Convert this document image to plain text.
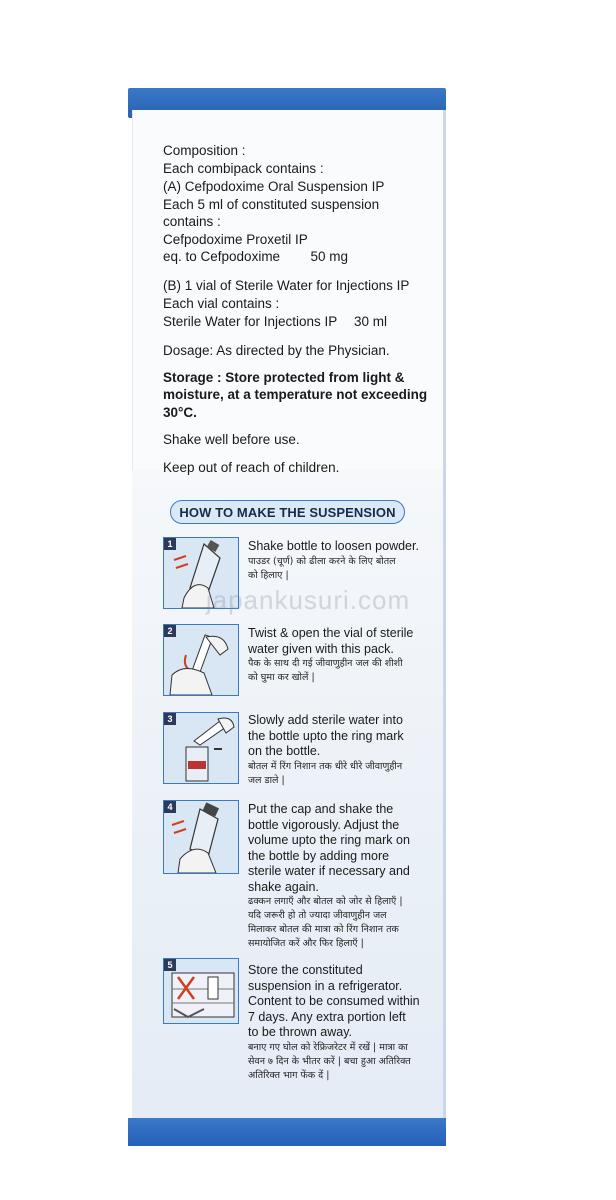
Composition :
Each combipack contains :
(A) Cefpodoxime Oral Suspension IP
Each 5 ml of constituted suspension
contains :
Cefpodoxime Proxetil IP
eq. to Cefpodoxime 50 mg
(B) 1 vial of Sterile Water for Injections IP
Each vial contains :
Sterile Water for Injections IP 30 ml
Dosage: As directed by the Physician.
Storage : Store protected from light &
moisture, at a temperature not exceeding
30°C.
Shake well before use.
Keep out of reach of children.
HOW TO MAKE THE SUSPENSION
1	Shake bottle to loosen powder.
पाउडर (चूर्ण) को ढीला करने के लिए बोतल
को हिलाए |
2	Twist & open the vial of sterile
water given with this pack.
पैक के साथ दी गई जीवाणुहीन जल की शीशी
को घुमा कर खोलें |
3	Slowly add sterile water into
the bottle upto the ring mark
on the bottle.
बोतल में रिंग निशान तक धीरे धीरे जीवाणुहीन
जल डाले |
4	Put the cap and shake the
bottle vigorously. Adjust the
volume upto the ring mark on
the bottle by adding more
sterile water if necessary and
shake again.
ढक्कन लगाएँ और बोतल को जोर से हिलाएँ |
यदि जरूरी हो तो ज्यादा जीवाणुहीन जल
मिलाकर बोतल की मात्रा को रिंग निशान तक
समायोजित करें और फिर हिलाएँ |
5	Store the constituted
suspension in a refrigerator.
Content to be consumed within
7 days. Any extra portion left
to be thrown away.
बनाए गए घोल को रेफ्रिजरेटर में रखें | मात्रा का
सेवन ७ दिन के भीतर करें | बचा हुआ अतिरिक्त
अतिरिक्त भाग फेंक दें |
japankusuri.com
